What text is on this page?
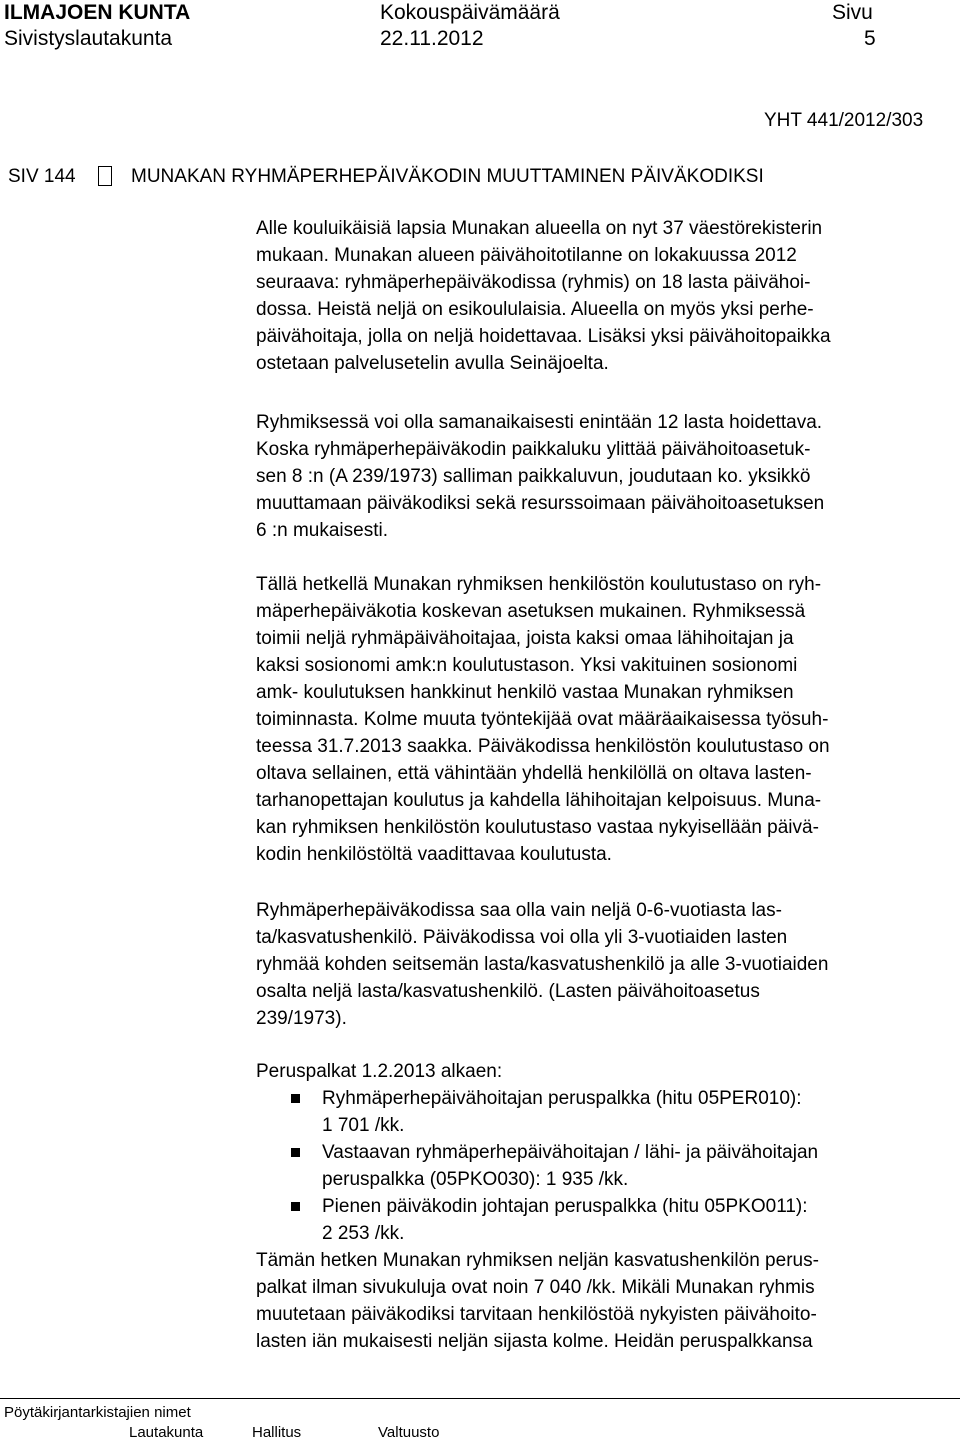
ILMAJOEN KUNTA
Sivistyslautakunta
Kokouspäivämäärä
22.11.2012
Sivu
5
YHT 441/2012/303
SIV 144	MUNAKAN RYHMÄPERHEPÄIVÄKODIN MUUTTAMINEN PÄIVÄKODIKSI
Alle kouluikäisiä lapsia Munakan alueella on nyt 37 väestörekisterin
mukaan. Munakan alueen päivähoitotilanne on lokakuussa 2012
seuraava: ryhmäperhepäiväkodissa (ryhmis) on 18 lasta päivähoi-
dossa. Heistä neljä on esikoululaisia. Alueella on myös yksi perhe-
päivähoitaja, jolla on neljä hoidettavaa. Lisäksi yksi päivähoitopaikka
ostetaan palvelusetelin avulla Seinäjoelta.
Ryhmiksessä voi olla samanaikaisesti enintään 12 lasta hoidettava.
Koska ryhmäperhepäiväkodin paikkaluku ylittää päivähoitoasetuk-
sen 8 :n (A 239/1973) salliman paikkaluvun, joudutaan ko. yksikkö
muuttamaan päiväkodiksi sekä resurssoimaan päivähoitoasetuksen
6 :n mukaisesti.
Tällä hetkellä Munakan ryhmiksen henkilöstön koulutustaso on ryh-
mäperhepäiväkotia koskevan asetuksen mukainen. Ryhmiksessä
toimii neljä ryhmäpäivähoitajaa, joista kaksi omaa lähihoitajan ja
kaksi sosionomi amk:n koulutustason. Yksi vakituinen sosionomi
amk- koulutuksen hankkinut henkilö vastaa Munakan ryhmiksen
toiminnasta. Kolme muuta työntekijää ovat määräaikaisessa työsuh-
teessa 31.7.2013 saakka. Päiväkodissa henkilöstön koulutustaso on
oltava sellainen, että vähintään yhdellä henkilöllä on oltava lasten-
tarhanopettajan koulutus ja kahdella lähihoitajan kelpoisuus. Muna-
kan ryhmiksen henkilöstön koulutustaso vastaa nykyisellään päivä-
kodin henkilöstöltä vaadittavaa koulutusta.
Ryhmäperhepäiväkodissa saa olla vain neljä 0-6-vuotiasta las-
ta/kasvatushenkilö. Päiväkodissa voi olla yli 3-vuotiaiden lasten
ryhmää kohden seitsemän lasta/kasvatushenkilö ja alle 3-vuotiaiden
osalta neljä lasta/kasvatushenkilö. (Lasten päivähoitoasetus
239/1973).
Peruspalkat 1.2.2013 alkaen:
Ryhmäperhepäivähoitajan peruspalkka (hitu 05PER010):
1 701 /kk.
Vastaavan ryhmäperhepäivähoitajan / lähi- ja päivähoitajan
peruspalkka (05PKO030): 1 935 /kk.
Pienen päiväkodin johtajan peruspalkka (hitu 05PKO011):
2 253 /kk.
Tämän hetken Munakan ryhmiksen neljän kasvatushenkilön perus-
palkat ilman sivukuluja ovat noin 7 040 /kk. Mikäli Munakan ryhmis
muutetaan päiväkodiksi tarvitaan henkilöstöä nykyisten päivähoito-
lasten iän mukaisesti neljän sijasta kolme. Heidän peruspalkkansa
Pöytäkirjantarkistajien nimet
Lautakunta	Hallitus	Valtuusto
